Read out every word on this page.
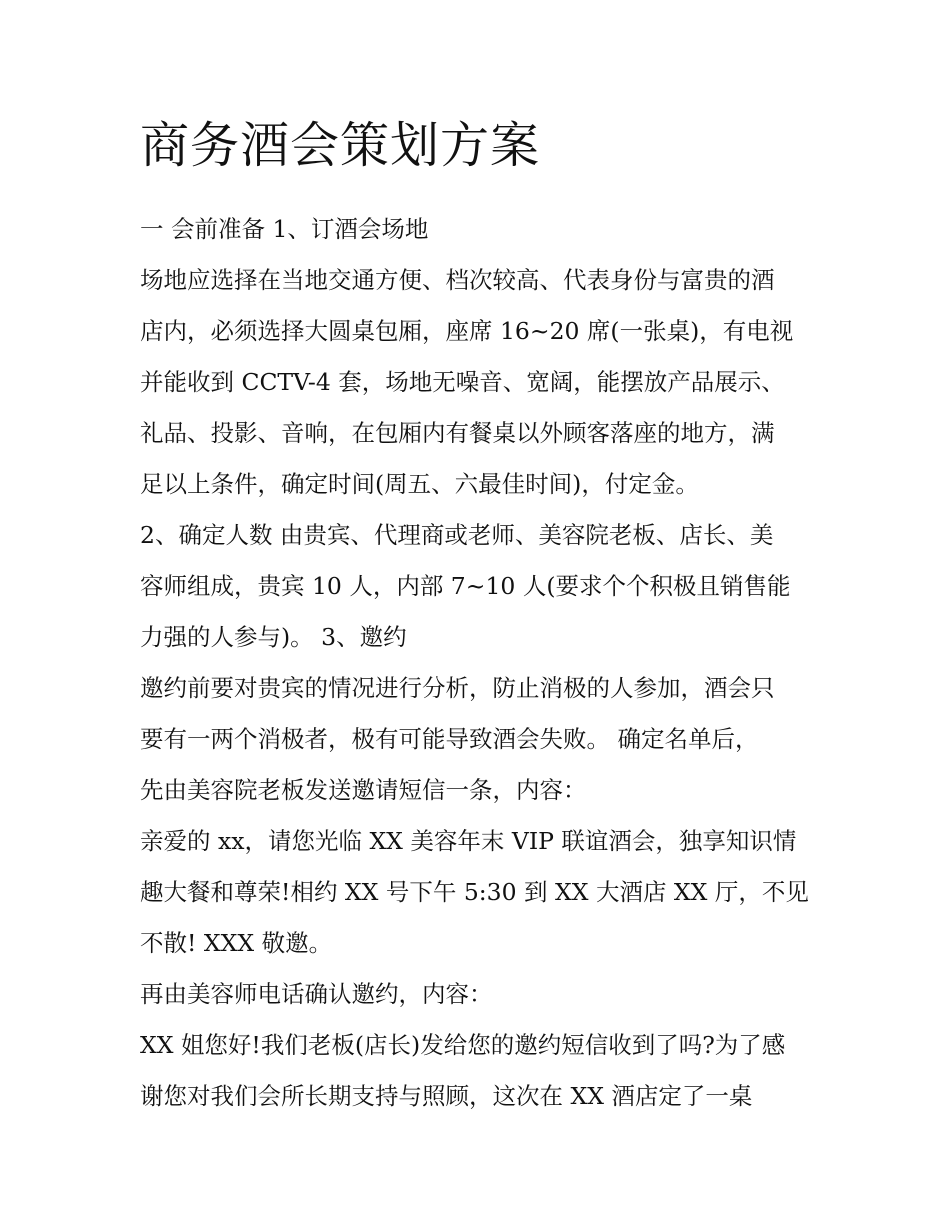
商务酒会策划方案

一 会前准备 1、订酒会场地

场地应选择在当地交通方便、档次较高、代表身份与富贵的酒

店内，必须选择大圆桌包厢，座席 16~20 席(一张桌)，有电视

并能收到 CCTV-4 套，场地无噪音、宽阔，能摆放产品展示、

礼品、投影、音响，在包厢内有餐桌以外顾客落座的地方，满

足以上条件，确定时间(周五、六最佳时间)，付定金。

2、确定人数 由贵宾、代理商或老师、美容院老板、店长、美

容师组成，贵宾 10 人，内部 7~10 人(要求个个积极且销售能

力强的人参与)。 3、邀约

邀约前要对贵宾的情况进行分析，防止消极的人参加，酒会只

要有一两个消极者，极有可能导致酒会失败。 确定名单后，

先由美容院老板发送邀请短信一条，内容：

亲爱的 xx，请您光临 XX 美容年末 VIP 联谊酒会，独享知识情

趣大餐和尊荣!相约 XX 号下午 5:30 到 XX 大酒店 XX 厅，不见

不散! XXX 敬邀。

再由美容师电话确认邀约，内容：

XX 姐您好!我们老板(店长)发给您的邀约短信收到了吗?为了感

谢您对我们会所长期支持与照顾，这次在 XX 酒店定了一桌
